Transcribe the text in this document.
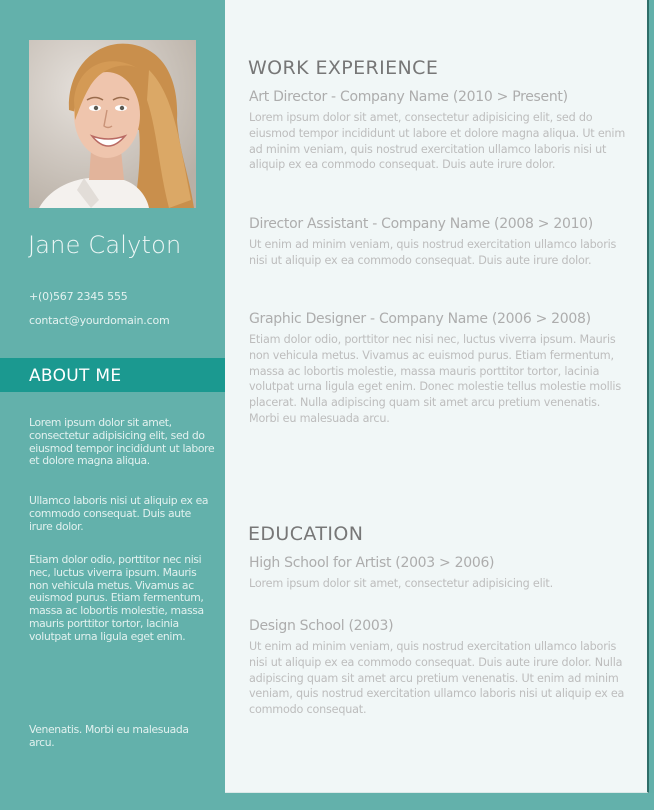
Jane Calyton
+(0)567 2345 555
contact@yourdomain.com
ABOUT ME

Lorem ipsum dolor sit amet, consectetur adipisicing elit, sed do eiusmod tempor incididunt ut labore et dolore magna aliqua.

Ullamco laboris nisi ut aliquip ex ea commodo consequat. Duis aute irure dolor.

Etiam dolor odio, porttitor nec nisi nec, luctus viverra ipsum. Mauris non vehicula metus. Vivamus ac euismod purus. Etiam fermentum, massa ac lobortis molestie, massa mauris porttitor tortor, lacinia volutpat urna ligula eget enim.

Venenatis. Morbi eu malesuada arcu.

WORK EXPERIENCE
Art Director - Company Name (2010 > Present)

Lorem ipsum dolor sit amet, consectetur adipisicing elit, sed do eiusmod tempor incididunt ut labore et dolore magna aliqua. Ut enim ad minim veniam, quis nostrud exercitation ullamco laboris nisi ut aliquip ex ea commodo consequat. Duis aute irure dolor.

Director Assistant - Company Name (2008 > 2010)

Ut enim ad minim veniam, quis nostrud exercitation ullamco laboris nisi ut aliquip ex ea commodo consequat. Duis aute irure dolor.

Graphic Designer - Company Name (2006 > 2008)

Etiam dolor odio, porttitor nec nisi nec, luctus viverra ipsum. Mauris non vehicula metus. Vivamus ac euismod purus. Etiam fermentum, massa ac lobortis molestie, massa mauris porttitor tortor, lacinia volutpat urna ligula eget enim. Donec molestie tellus molestie mollis placerat. Nulla adipiscing quam sit amet arcu pretium venenatis. Morbi eu malesuada arcu.

EDUCATION
High School for Artist (2003 > 2006)

Lorem ipsum dolor sit amet, consectetur adipisicing elit.

Design School (2003)

Ut enim ad minim veniam, quis nostrud exercitation ullamco laboris nisi ut aliquip ex ea commodo consequat. Duis aute irure dolor. Nulla adipiscing quam sit amet arcu pretium venenatis. Ut enim ad minim veniam, quis nostrud exercitation ullamco laboris nisi ut aliquip ex ea commodo consequat.
